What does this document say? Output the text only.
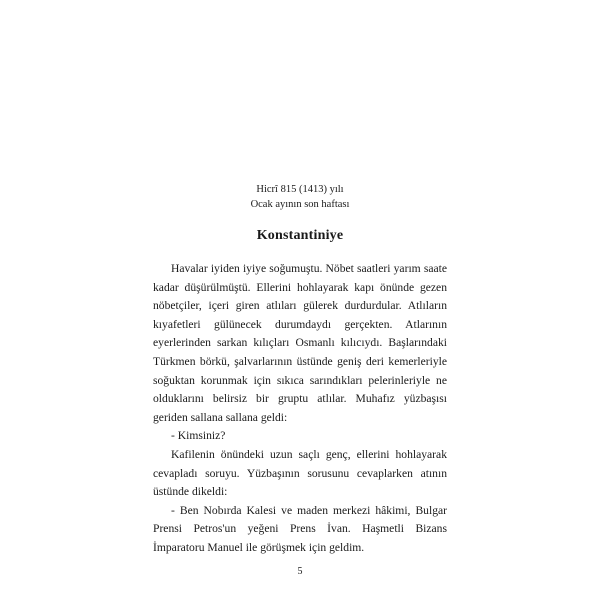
Hicrî 815 (1413) yılı
Ocak ayının son haftası
Konstantiniye

Havalar iyiden iyiye soğumuştu. Nöbet saatleri yarım saate kadar düşürülmüştü. Ellerini hohlayarak kapı önünde gezen nöbetçiler, içeri giren atlıları gülerek durdurdular. Atlıların kıyafetleri gülünecek durumdaydı gerçekten. Atlarının eyerlerinden sarkan kılıçları Osmanlı kılıcıydı. Başlarındaki Türkmen börkü, şalvarlarının üstünde geniş deri kemerleriyle soğuktan korunmak için sıkıca sarındıkları pelerinleriyle ne olduklarını belirsiz bir gruptu atlılar. Muhafız yüzbaşısı geriden sallana sallana geldi:

- Kimsiniz?

Kafilenin önündeki uzun saçlı genç, ellerini hohlayarak cevapladı soruyu. Yüzbaşının sorusunu cevaplarken atının üstünde dikeldi:

- Ben Nobırda Kalesi ve maden merkezi hâkimi, Bulgar Prensi Petros'un yeğeni Prens İvan. Haşmetli Bizans İmparatoru Manuel ile görüşmek için geldim.

5
